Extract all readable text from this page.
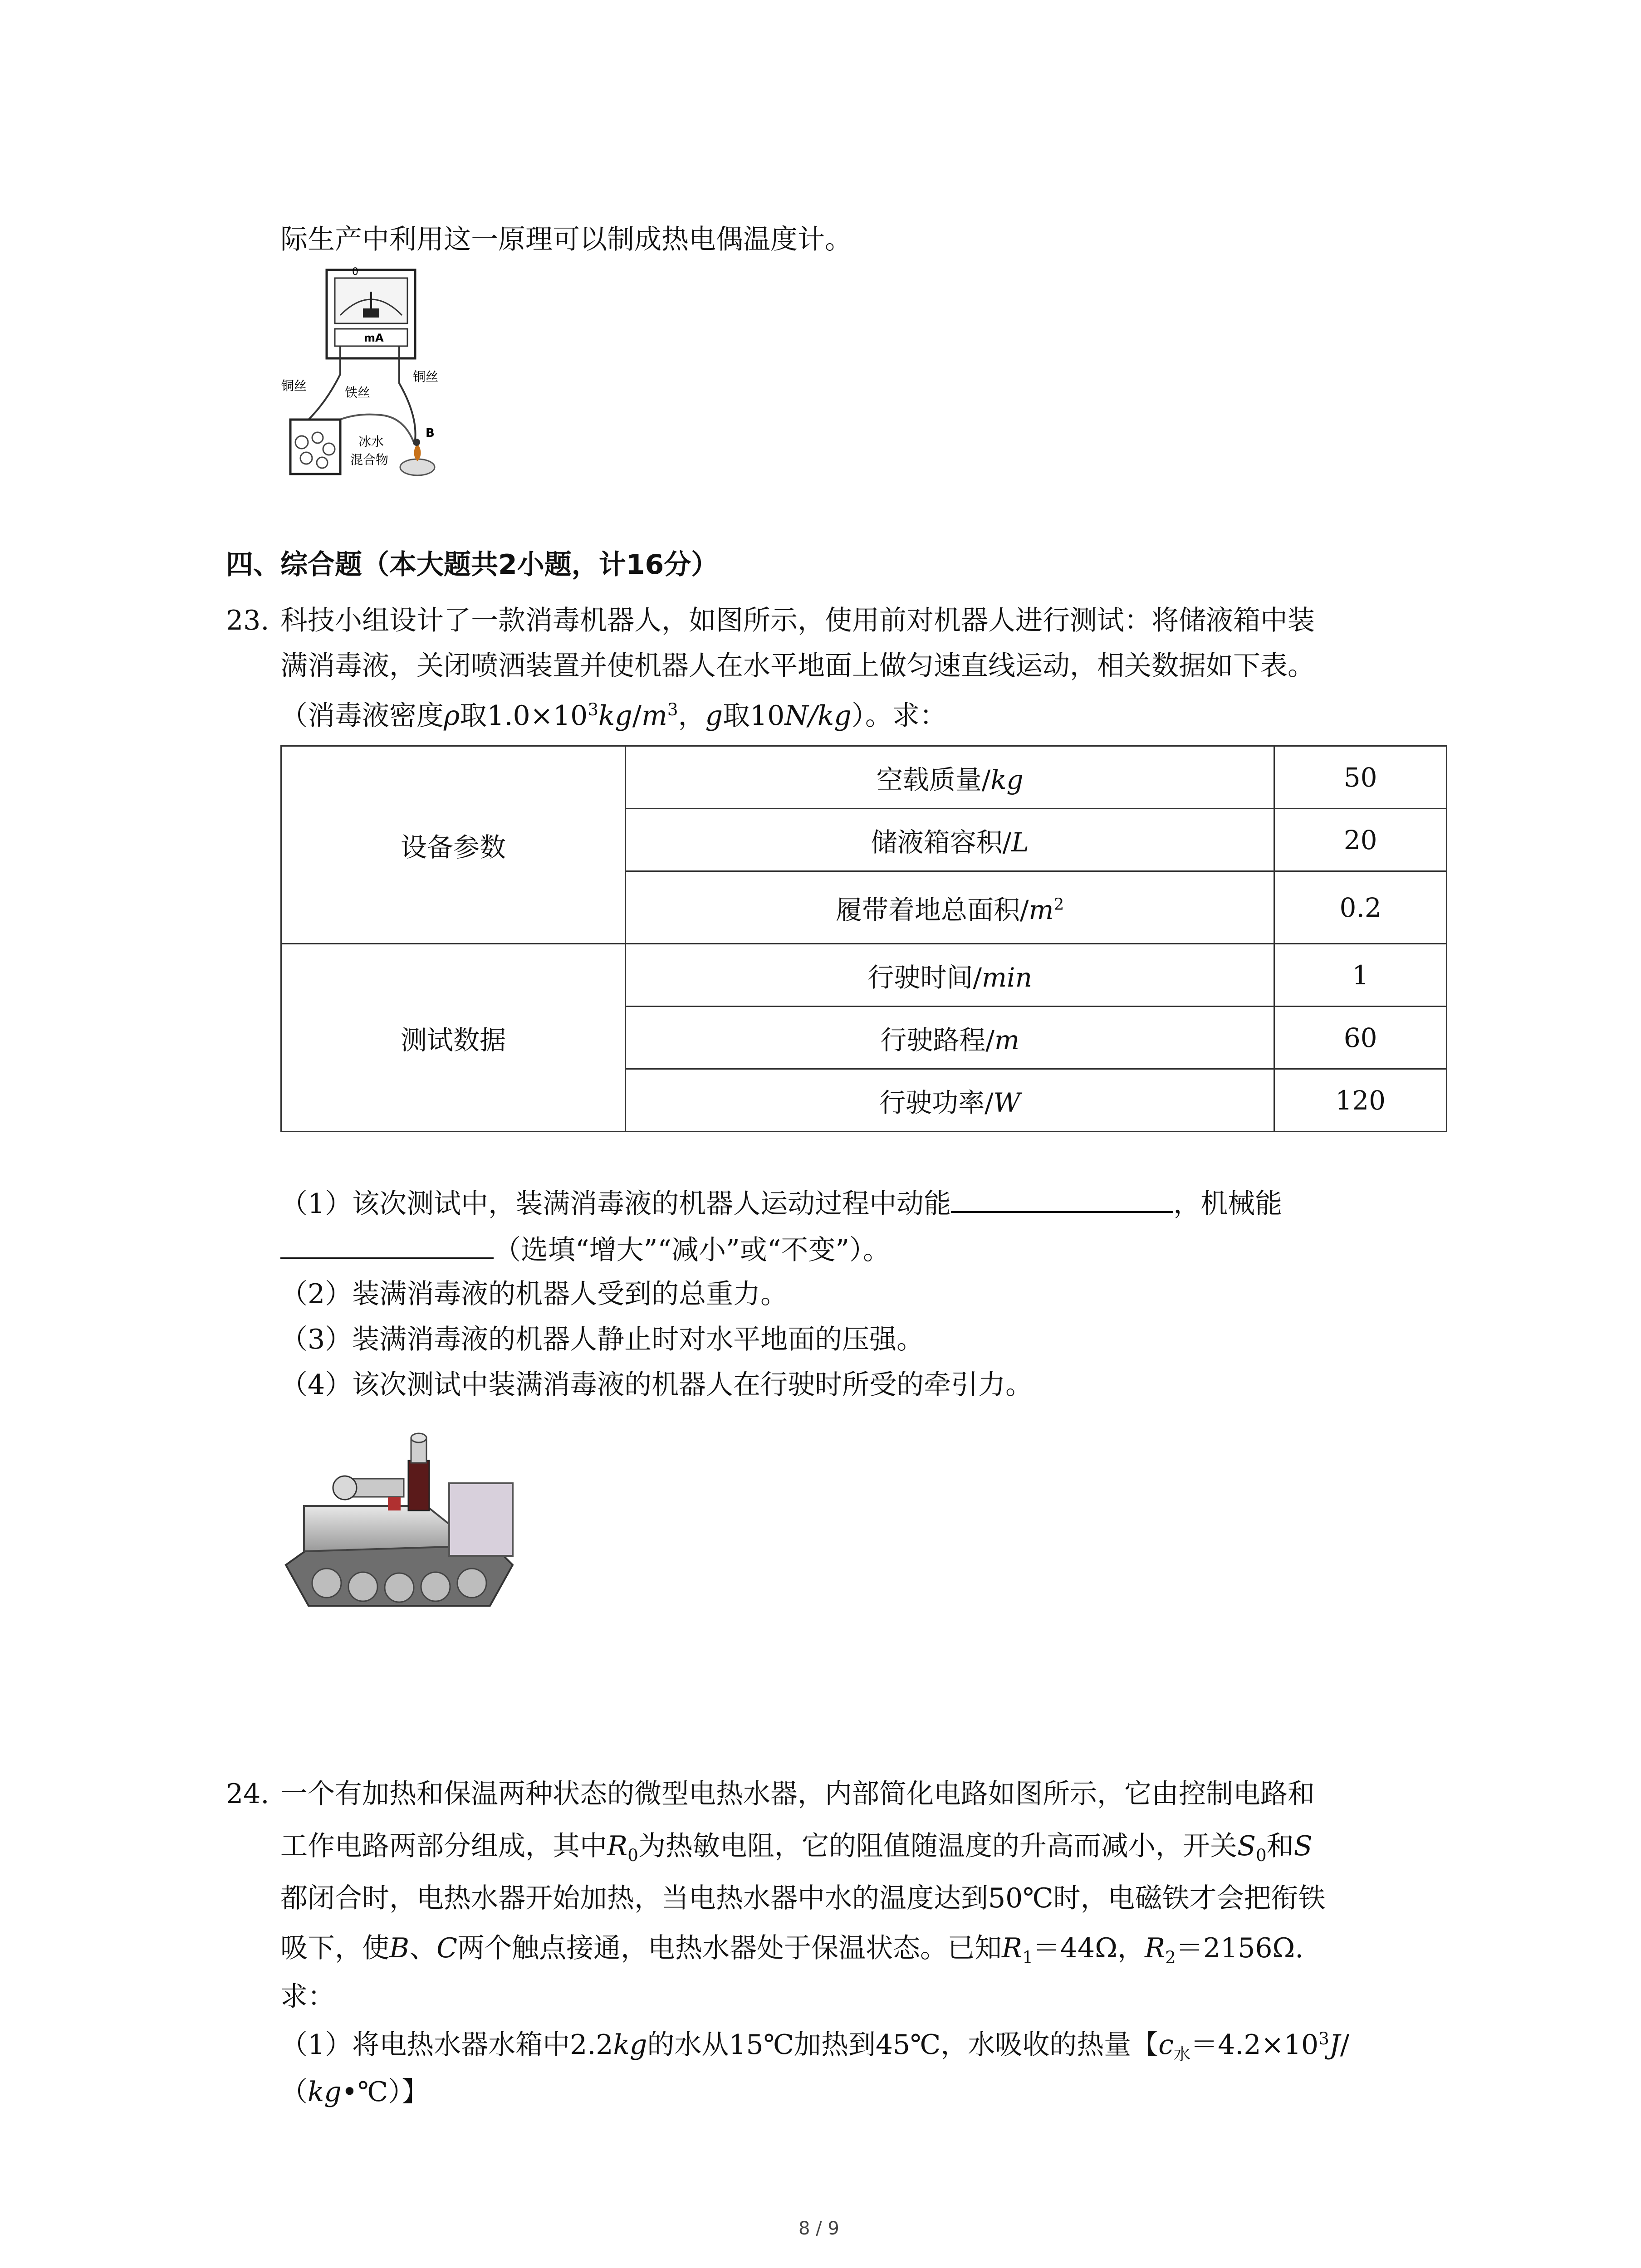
际生产中利用这一原理可以制成热电偶温度计。
0
mA
铜丝
铜丝
铁丝
B
冰水
混合物
四、综合题（本大题共2小题，计16分）
23. 科技小组设计了一款消毒机器人，如图所示，使用前对机器人进行测试：将储液箱中装
满消毒液，关闭喷洒装置并使机器人在水平地面上做匀速直线运动，相关数据如下表。
（消毒液密度ρ取$1.0\times 10^3kg/m^3$，g取10N/kg）。求：
设备参数	空载质量/kg	50
	储液箱容积/L	20
	履带着地总面积$/m^2$	0.2
测试数据	行驶时间/min	1
	行驶路程/m	60
	行驶功率/W	120
（1）该次测试中，装满消毒液的机器人运动过程中动能	，机械能
（选填“增大”“减小”或“不变”）。
（2）装满消毒液的机器人受到的总重力。
（3）装满消毒液的机器人静止时对水平地面的压强。
（4）该次测试中装满消毒液的机器人在行驶时所受的牵引力。
24. 一个有加热和保温两种状态的微型电热水器，内部简化电路如图所示，它由控制电路和
工作电路两部分组成，其中$R_0$为热敏电阻，它的阻值随温度的升高而减小，开关$S_0$和S
都闭合时，电热水器开始加热，当电热水器中水的温度达到50℃时，电磁铁才会把衔铁
吸下，使B、C两个触点接通，电热水器处于保温状态。已知$R_1=44\Omega$，$R_2=2156\Omega$.
求：
（1）将电热水器水箱中2.2kg的水从15℃加热到45℃，水吸收的热量【$c_水=4.2\times 10^3J/$
（kg•℃）】
8 / 9
